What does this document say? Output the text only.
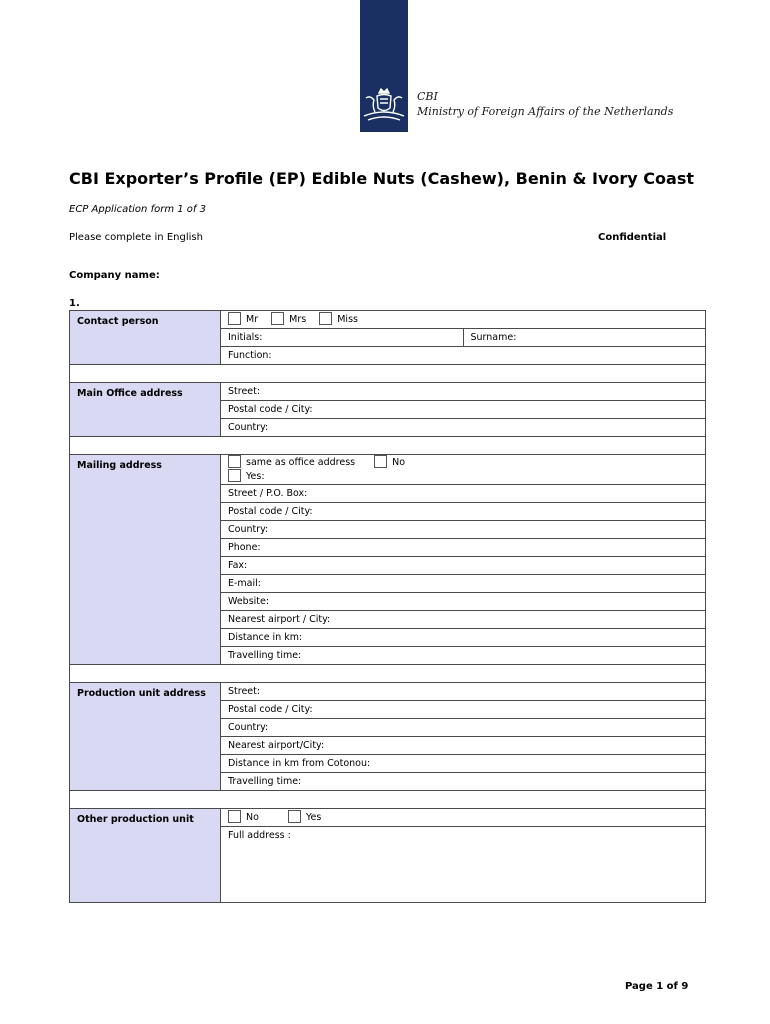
CBI
Ministry of Foreign Affairs of the Netherlands
CBI Exporter’s Profile (EP) Edible Nuts (Cashew), Benin & Ivory Coast
ECP Application form 1 of 3
Please complete in English	Confidential
Company name:
1.
Contact person	Mr Mrs Miss	
	Initials:	Surname:
	Function:	

Main Office address	Street:	
	Postal code / City:	
	Country:	

Mailing address	same as office address No
Yes:	

	Street / P.O. Box:	
	Postal code / City:	
	Country:	
	Phone:	
	Fax:	
	E-mail:	
	Website:	
	Nearest airport / City:	
	Distance in km:	
	Travelling time:	

Production unit address	Street:	
	Postal code / City:	
	Country:	
	Nearest airport/City:	
	Distance in km from Cotonou:	
	Travelling time:	

Other production unit	No Yes	
	Full address :	
Page 1 of 9
